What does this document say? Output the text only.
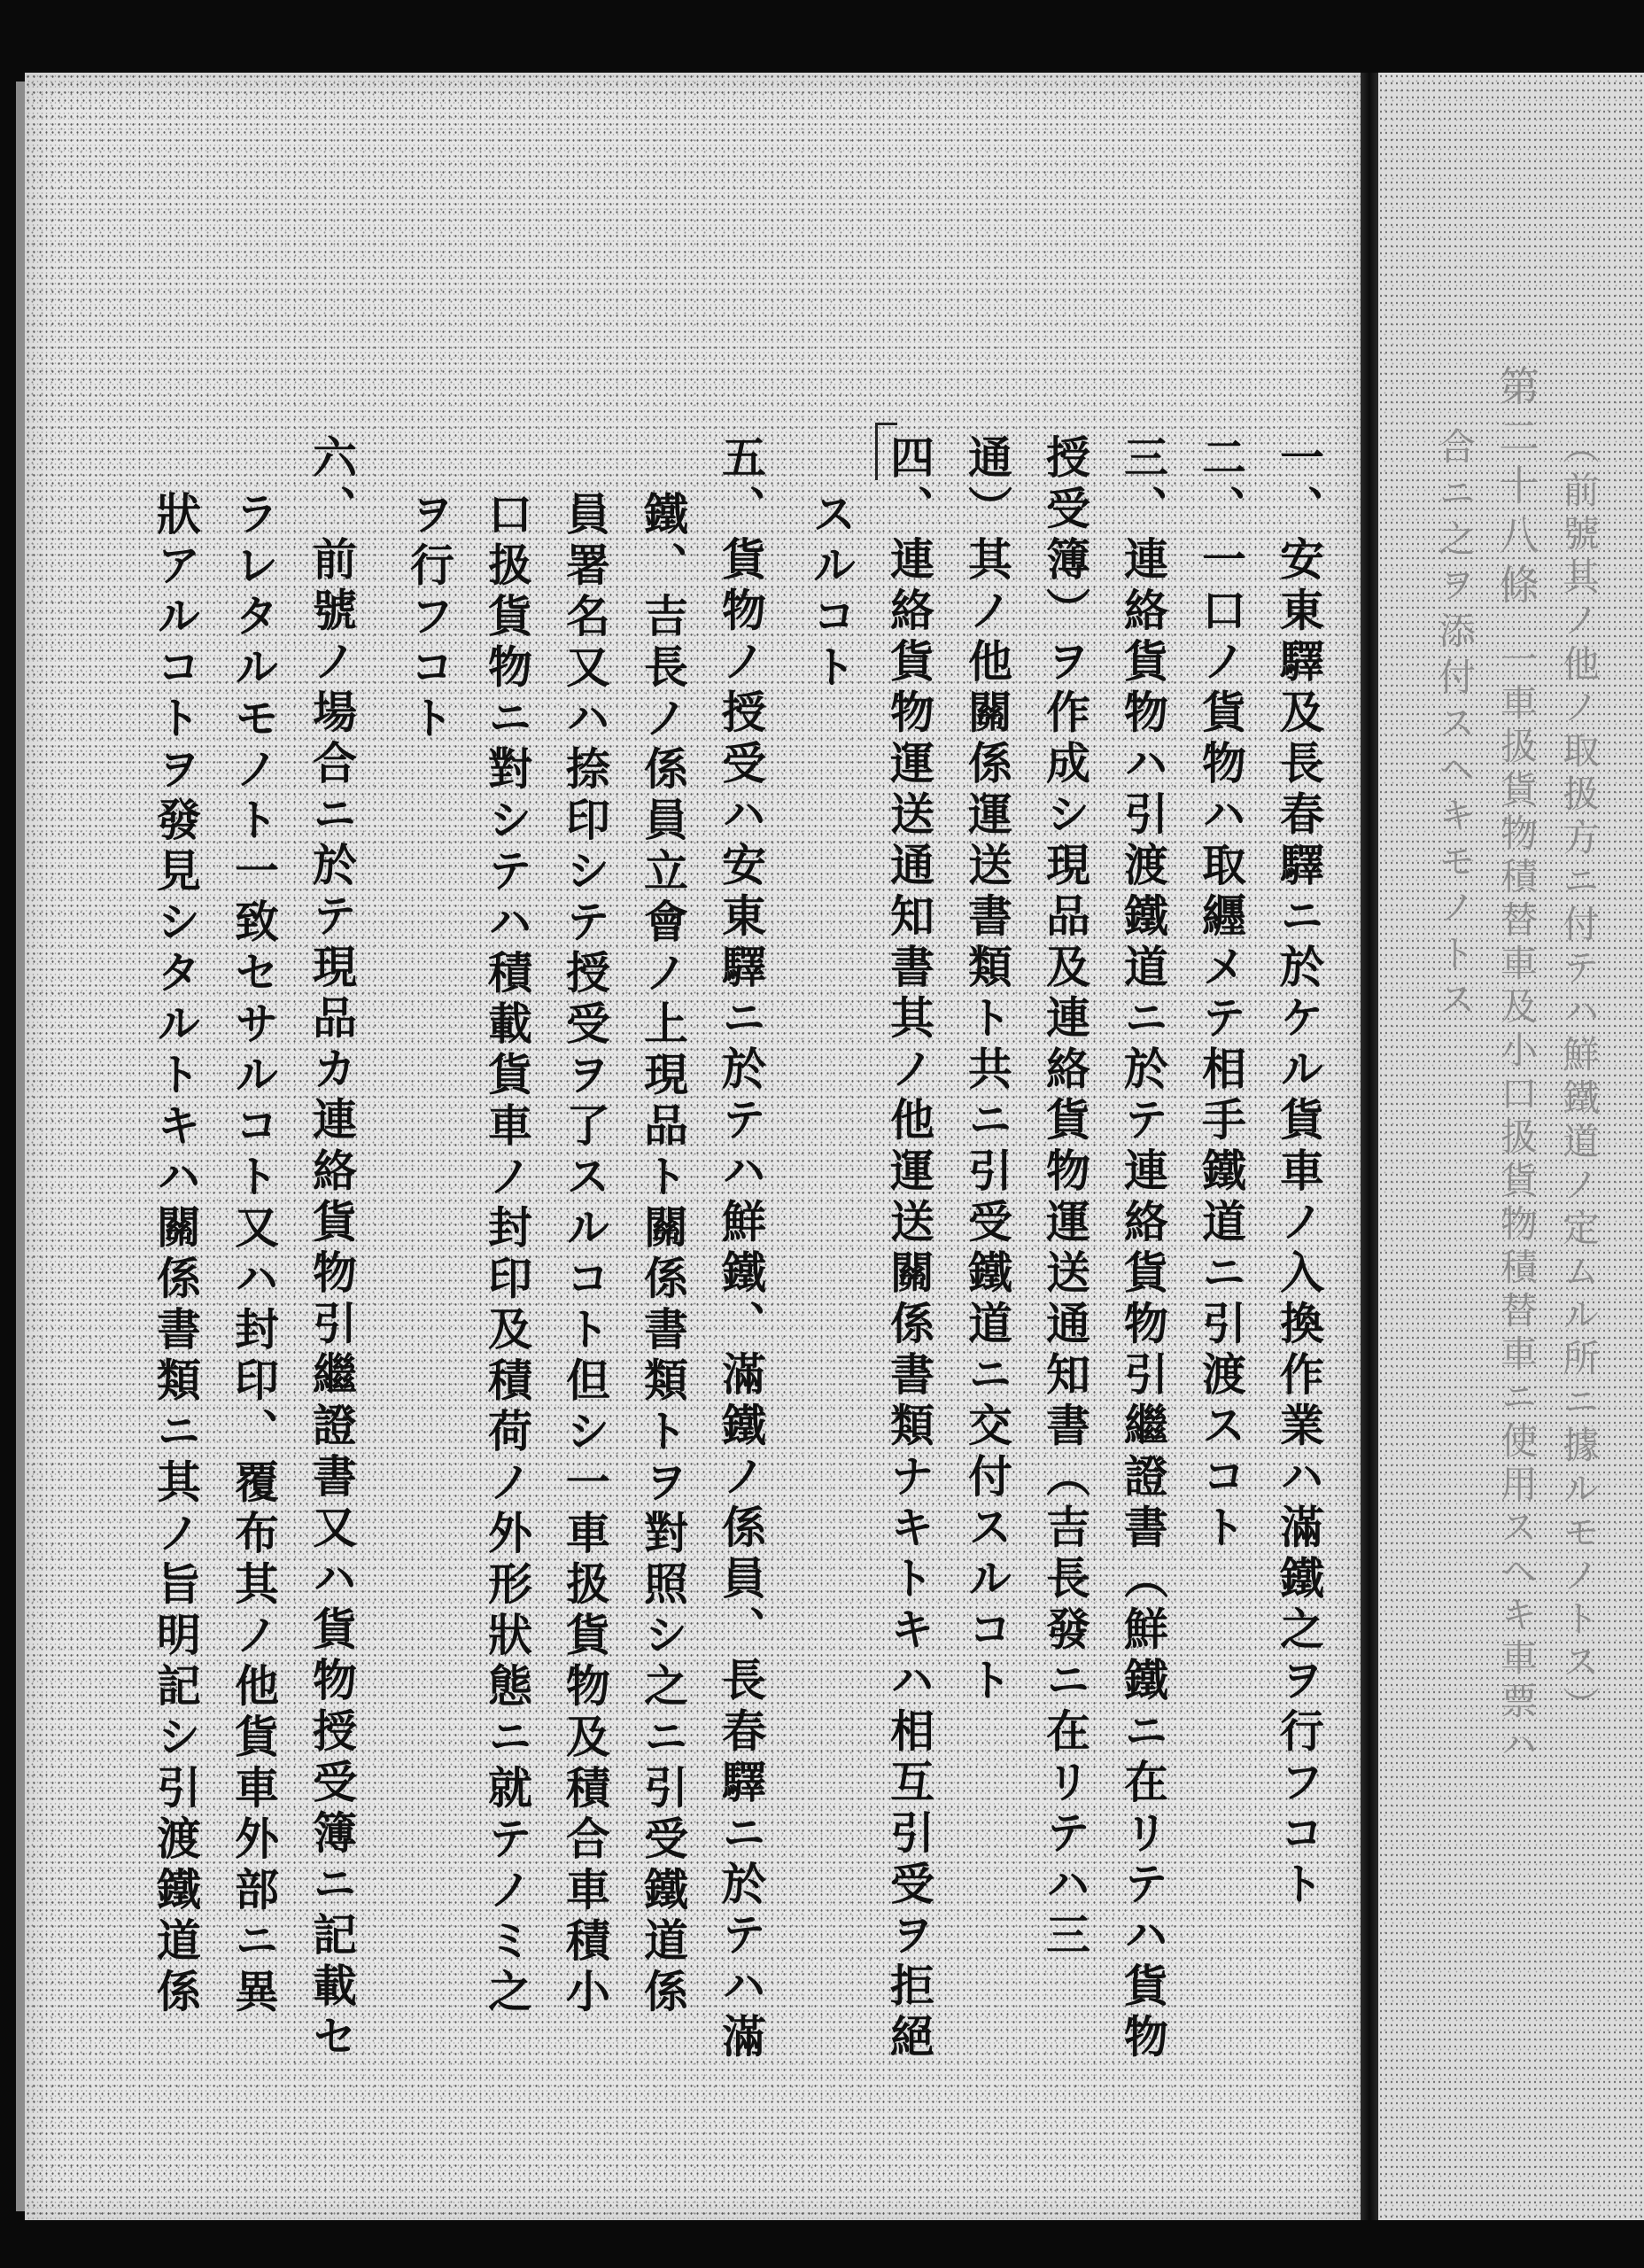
一、安東驛及長春驛ニ於ケル貨車ノ入換作業ハ滿鐵之ヲ行フコト
二、一口ノ貨物ハ取纒メテ相手鐵道ニ引渡スコト
三、連絡貨物ハ引渡鐵道ニ於テ連絡貨物引繼證書（鮮鐵ニ在リテハ貨物
授受簿）ヲ作成シ現品及連絡貨物運送通知書（吉長發ニ在リテハ三
通）其ノ他關係運送書類ト共ニ引受鐵道ニ交付スルコト
四、連絡貨物運送通知書其ノ他運送關係書類ナキトキハ相互引受ヲ拒絕
スルコト
五、貨物ノ授受ハ安東驛ニ於テハ鮮鐵、滿鐵ノ係員、長春驛ニ於テハ滿
鐵、吉長ノ係員立會ノ上現品ト關係書類トヲ對照シ之ニ引受鐵道係
員署名又ハ捺印シテ授受ヲ了スルコト但シ一車扱貨物及積合車積小
口扱貨物ニ對シテハ積載貨車ノ封印及積荷ノ外形狀態ニ就テノミ之
ヲ行フコト
六、前號ノ場合ニ於テ現品カ連絡貨物引繼證書又ハ貨物授受簿ニ記載セ
ラレタルモノト一致セサルコト又ハ封印、覆布其ノ他貨車外部ニ異
狀アルコトヲ發見シタルトキハ關係書類ニ其ノ旨明記シ引渡鐵道係
第二十八條 （前號其ノ他ノ取扱方ニ付テハ鮮鐵道ノ定ムル所ニ據ルモノトス）
一車扱貨物積替車及小口扱貨物積替車ニ使用スヘキ車票ハ
合ニ之ヲ添付スヘキモノトス
